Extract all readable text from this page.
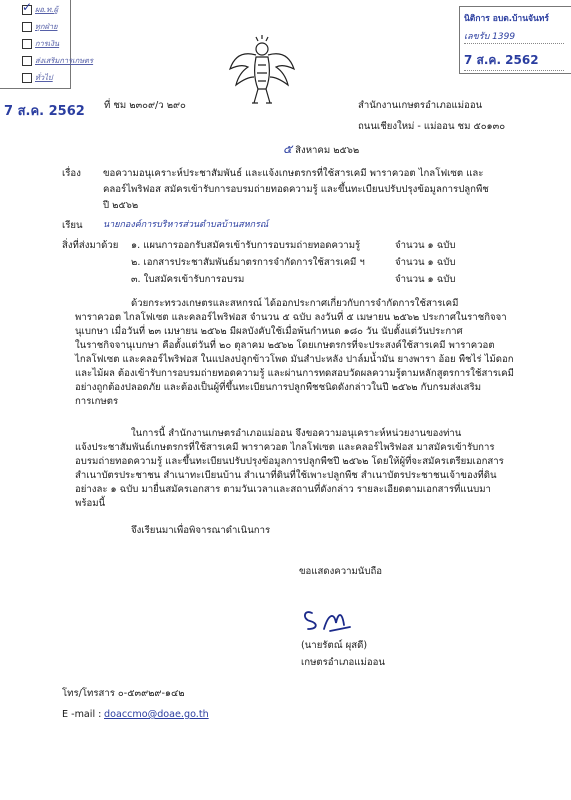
✓
ผอ.ท.ผู้
ทุกฝ่าย
การเงิน
ส่งเสริมการเกษตร
ทั่วไป
7 ส.ค. 2562
นิติการ อบต.บ้านจันทร์
เลขรับ 1399
7 ส.ค. 2562
ที่ ชม ๒๓๐๙/ว ๒๙๐	สำนักงานเกษตรอำเภอแม่ออน
ถนนเชียงใหม่ - แม่ออน ชม ๕๐๑๓๐
๕ สิงหาคม ๒๕๖๒
เรื่อง ขอความอนุเคราะห์ประชาสัมพันธ์ และแจ้งเกษตรกรที่ใช้สารเคมี พาราควอต ไกลโฟเซต และ
คลอร์ไพริฟอส สมัครเข้ารับการอบรมถ่ายทอดความรู้ และขึ้นทะเบียนปรับปรุงข้อมูลการปลูกพืช
ปี ๒๕๖๒
เรียน นายกองค์การบริหารส่วนตำบลบ้านสหกรณ์
สิ่งที่ส่งมาด้วย ๑. แผนการออกรับสมัครเข้ารับการอบรมถ่ายทอดความรู้	จำนวน ๑ ฉบับ
๒. เอกสารประชาสัมพันธ์มาตรการจำกัดการใช้สารเคมี ฯ	จำนวน ๑ ฉบับ
๓. ใบสมัครเข้ารับการอบรม	จำนวน ๑ ฉบับ
ด้วยกระทรวงเกษตรและสหกรณ์ ได้ออกประกาศเกี่ยวกับการจำกัดการใช้สารเคมี
พาราควอต ไกลโฟเซต และคลอร์ไพริฟอส จำนวน ๕ ฉบับ ลงวันที่ ๕ เมษายน ๒๕๖๒ ประกาศในราชกิจจา
นุเบกษา เมื่อวันที่ ๒๓ เมษายน ๒๕๖๒ มีผลบังคับใช้เมื่อพ้นกำหนด ๑๘๐ วัน นับตั้งแต่วันประกาศ
ในราชกิจจานุเบกษา คือตั้งแต่วันที่ ๒๐ ตุลาคม ๒๕๖๒ โดยเกษตรกรที่จะประสงค์ใช้สารเคมี พาราควอต
ไกลโฟเซต และคลอร์ไพริฟอส ในแปลงปลูกข้าวโพด มันสำปะหลัง ปาล์มน้ำมัน ยางพารา อ้อย พืชไร่ ไม้ดอก
และไม้ผล ต้องเข้ารับการอบรมถ่ายทอดความรู้ และผ่านการทดสอบวัดผลความรู้ตามหลักสูตรการใช้สารเคมี
อย่างถูกต้องปลอดภัย และต้องเป็นผู้ที่ขึ้นทะเบียนการปลูกพืชชนิดดังกล่าวในปี ๒๕๖๒ กับกรมส่งเสริม
การเกษตร
ในการนี้ สำนักงานเกษตรอำเภอแม่ออน จึงขอความอนุเคราะห์หน่วยงานของท่าน
แจ้งประชาสัมพันธ์เกษตรกรที่ใช้สารเคมี พาราควอต ไกลโฟเซต และคลอร์ไพริฟอส มาสมัครเข้ารับการ
อบรมถ่ายทอดความรู้ และขึ้นทะเบียนปรับปรุงข้อมูลการปลูกพืชปี ๒๕๖๒ โดยให้ผู้ที่จะสมัครเตรียมเอกสาร
สำเนาบัตรประชาชน สำเนาทะเบียนบ้าน สำเนาที่ดินที่ใช้เพาะปลูกพืช สำเนาบัตรประชาชนเจ้าของที่ดิน
อย่างละ ๑ ฉบับ มายื่นสมัครเอกสาร ตามวันเวลาและสถานที่ดังกล่าว รายละเอียดตามเอกสารที่แนบมา
พร้อมนี้
จึงเรียนมาเพื่อพิจารณาดำเนินการ
ขอแสดงความนับถือ
(นายรัตณ์ ผุสดี)
เกษตรอำเภอแม่ออน
โทร/โทรสาร ๐-๕๓๙๒๙-๑๔๒
E -mail : doaccmo@doae.go.th
